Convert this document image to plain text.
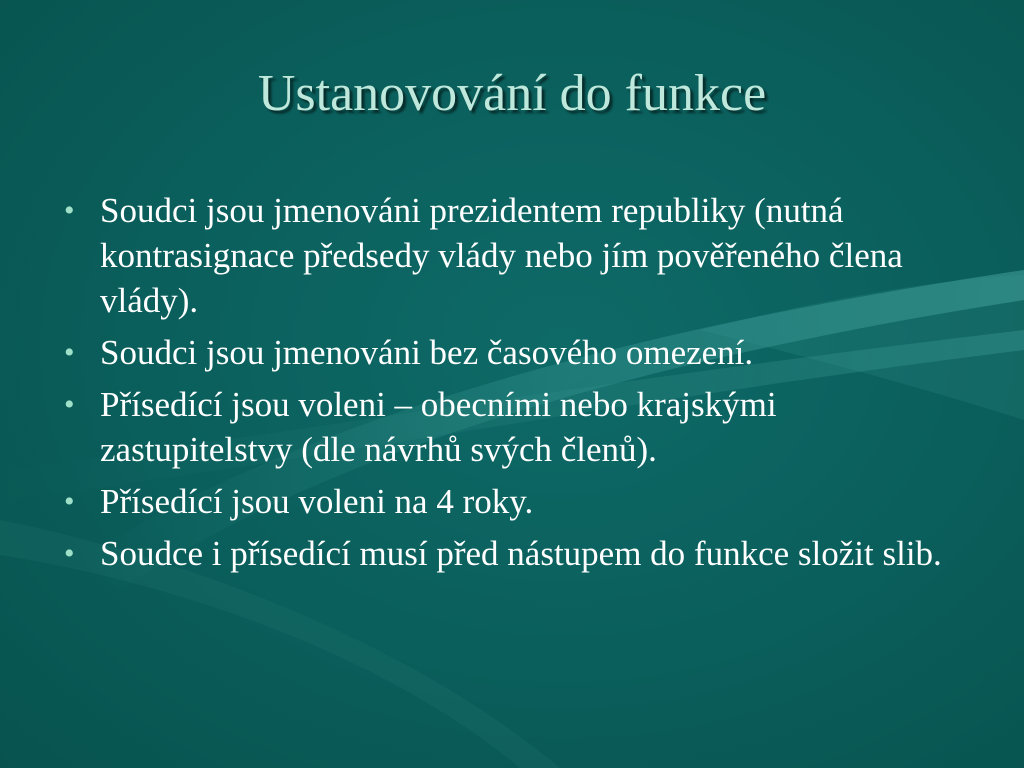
Ustanovování do funkce
• Soudci jsou jmenováni prezidentem republiky (nutná kontrasignace předsedy vlády nebo jím pověřeného člena vlády).
• Soudci jsou jmenováni bez časového omezení.
• Přísedící jsou voleni – obecními nebo krajskými zastupitelstvy (dle návrhů svých členů).
• Přísedící jsou voleni na 4 roky.
• Soudce i přísedící musí před nástupem do funkce složit slib.
